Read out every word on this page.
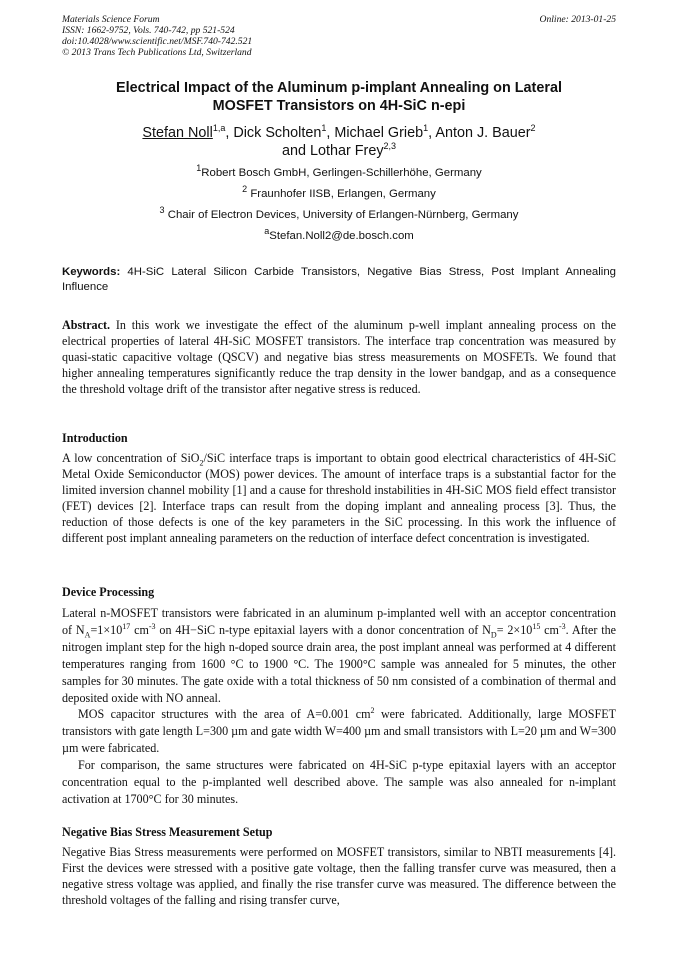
Materials Science Forum
ISSN: 1662-9752, Vols. 740-742, pp 521-524
doi:10.4028/www.scientific.net/MSF.740-742.521
© 2013 Trans Tech Publications Ltd, Switzerland
Online: 2013-01-25
Electrical Impact of the Aluminum p-implant Annealing on Lateral
MOSFET Transistors on 4H-SiC n-epi
Stefan Noll$^{1,a}$, Dick Scholten$^1$, Michael Grieb$^1$, Anton J. Bauer$^2$
and Lothar Frey$^{2,3}$
$^1$Robert Bosch GmbH, Gerlingen-Schillerhöhe, Germany
$^2$ Fraunhofer IISB, Erlangen, Germany
$^3$ Chair of Electron Devices, University of Erlangen-Nürnberg, Germany
$^a$Stefan.Noll2@de.bosch.com
Keywords: 4H-SiC Lateral Silicon Carbide Transistors, Negative Bias Stress, Post Implant Annealing Influence

Abstract. In this work we investigate the effect of the aluminum p-well implant annealing process on the electrical properties of lateral 4H-SiC MOSFET transistors. The interface trap concentration was measured by quasi-static capacitive voltage (QSCV) and negative bias stress measurements on MOSFETs. We found that higher annealing temperatures significantly reduce the trap density in the lower bandgap, and as a consequence the threshold voltage drift of the transistor after negative stress is reduced.

Introduction

A low concentration of SiO$_2$/SiC interface traps is important to obtain good electrical characteristics of 4H-SiC Metal Oxide Semiconductor (MOS) power devices. The amount of interface traps is a substantial factor for the limited inversion channel mobility [1] and a cause for threshold instabilities in 4H-SiC MOS field effect transistor (FET) devices [2]. Interface traps can result from the doping implant and annealing process [3]. Thus, the reduction of those defects is one of the key parameters in the SiC processing. In this work the influence of different post implant annealing parameters on the reduction of interface defect concentration is investigated.

Device Processing

Lateral n-MOSFET transistors were fabricated in an aluminum p-implanted well with an acceptor concentration of $N_A=1\times 10^{17}$ $cm^{-3}$ on 4H−SiC n-type epitaxial layers with a donor concentration of $N_D= 2\times 10^{15}$ $cm^{-3}$. After the nitrogen implant step for the high n-doped source drain area, the post implant anneal was performed at 4 different temperatures ranging from 1600 °C to 1900 °C. The 1900°C sample was annealed for 5 minutes, the other samples for 30 minutes. The gate oxide with a total thickness of 50 nm consisted of a combination of thermal and deposited oxide with NO anneal.

MOS capacitor structures with the area of A=0.001 $cm^2$ were fabricated. Additionally, large MOSFET transistors with gate length L=300 µm and gate width W=400 µm and small transistors with L=20 µm and W=300 µm were fabricated.

For comparison, the same structures were fabricated on 4H-SiC p-type epitaxial layers with an acceptor concentration equal to the p-implanted well described above. The sample was also annealed for n-implant activation at 1700°C for 30 minutes.

Negative Bias Stress Measurement Setup

Negative Bias Stress measurements were performed on MOSFET transistors, similar to NBTI measurements [4]. First the devices were stressed with a positive gate voltage, then the falling transfer curve was measured, then a negative stress voltage was applied, and finally the rise transfer curve was measured. The difference between the threshold voltages of the falling and rising transfer curve,
